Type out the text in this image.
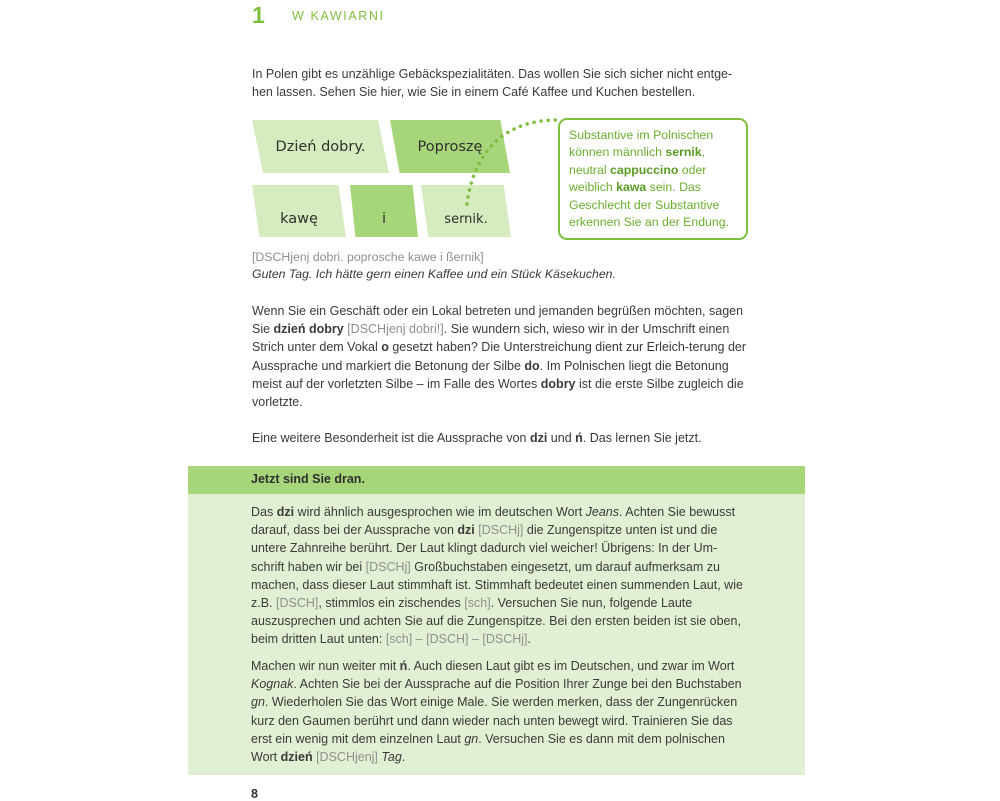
1 W KAWIARNI
In Polen gibt es unzählige Gebäckspezialitäten. Das wollen Sie sich sicher nicht entge-
hen lassen. Sehen Sie hier, wie Sie in einem Café Kaffee und Kuchen bestellen.
Dzień dobry.	Poproszę
kawę	i	sernik.
Substantive im Polnischen können männlich sernik, neutral cappuccino oder weiblich kawa sein. Das Geschlecht der Substantive erkennen Sie an der Endung.
[DSCHjenj dobri. poprosche kawe i ßernik]
Guten Tag. Ich hätte gern einen Kaffee und ein Stück Käsekuchen.
Wenn Sie ein Geschäft oder ein Lokal betreten und jemanden begrüßen möchten, sagen Sie dzień dobry [DSCHjenj dobri!]. Sie wundern sich, wieso wir in der Umschrift einen Strich unter dem Vokal o gesetzt haben? Die Unterstreichung dient zur Erleich-terung der Aussprache und markiert die Betonung der Silbe do. Im Polnischen liegt die Betonung meist auf der vorletzten Silbe – im Falle des Wortes dobry ist die erste Silbe zugleich die vorletzte.
Eine weitere Besonderheit ist die Aussprache von dzi und ń. Das lernen Sie jetzt.
Jetzt sind Sie dran.
Das dzi wird ähnlich ausgesprochen wie im deutschen Wort Jeans. Achten Sie bewusst darauf, dass bei der Aussprache von dzi [DSCHj] die Zungenspitze unten ist und die untere Zahnreihe berührt. Der Laut klingt dadurch viel weicher! Übrigens: In der Um-schrift haben wir bei [DSCHj] Großbuchstaben eingesetzt, um darauf aufmerksam zu machen, dass dieser Laut stimmhaft ist. Stimmhaft bedeutet einen summenden Laut, wie z.B. [DSCH], stimmlos ein zischendes [sch]. Versuchen Sie nun, folgende Laute auszusprechen und achten Sie auf die Zungenspitze. Bei den ersten beiden ist sie oben, beim dritten Laut unten: [sch] – [DSCH] – [DSCHj].
Machen wir nun weiter mit ń. Auch diesen Laut gibt es im Deutschen, und zwar im Wort Kognak. Achten Sie bei der Aussprache auf die Position Ihrer Zunge bei den Buchstaben gn. Wiederholen Sie das Wort einige Male. Sie werden merken, dass der Zungenrücken kurz den Gaumen berührt und dann wieder nach unten bewegt wird. Trainieren Sie das erst ein wenig mit dem einzelnen Laut gn. Versuchen Sie es dann mit dem polnischen Wort dzień [DSCHjenj] Tag.
8
